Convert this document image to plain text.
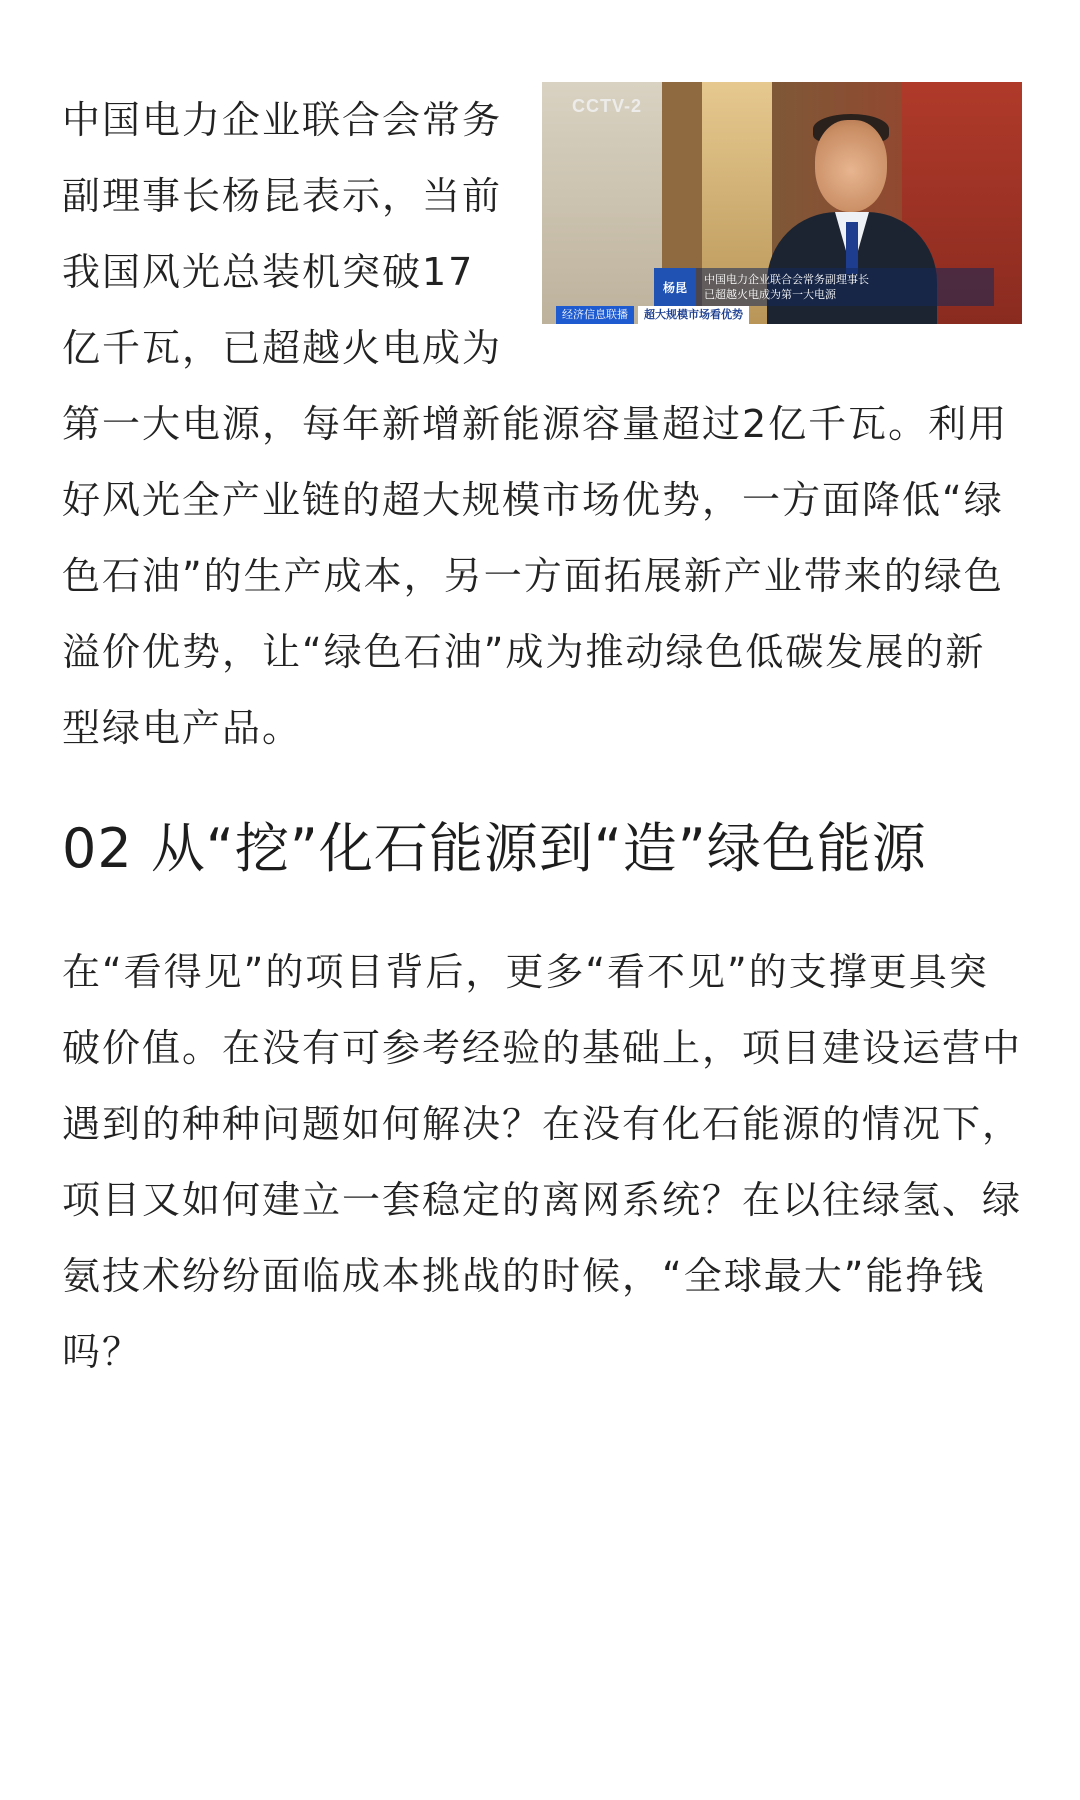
CCTV-2
杨昆
中国电力企业联合会常务副理事长
已超越火电成为第一大电源
经济信息联播	超大规模市场看优势

中国电力企业联合会常务副理事长杨昆表示，当前我国风光总装机突破17亿千瓦，已超越火电成为第一大电源，每年新增新能源容量超过2亿千瓦。利用好风光全产业链的超大规模市场优势，一方面降低“绿色石油”的生产成本，另一方面拓展新产业带来的绿色溢价优势，让“绿色石油”成为推动绿色低碳发展的新型绿电产品。

02 从“挖”化石能源到“造”绿色能源

在“看得见”的项目背后，更多“看不见”的支撑更具突破价值。在没有可参考经验的基础上，项目建设运营中遇到的种种问题如何解决？在没有化石能源的情况下，项目又如何建立一套稳定的离网系统？在以往绿氢、绿氨技术纷纷面临成本挑战的时候，“全球最大”能挣钱吗？
